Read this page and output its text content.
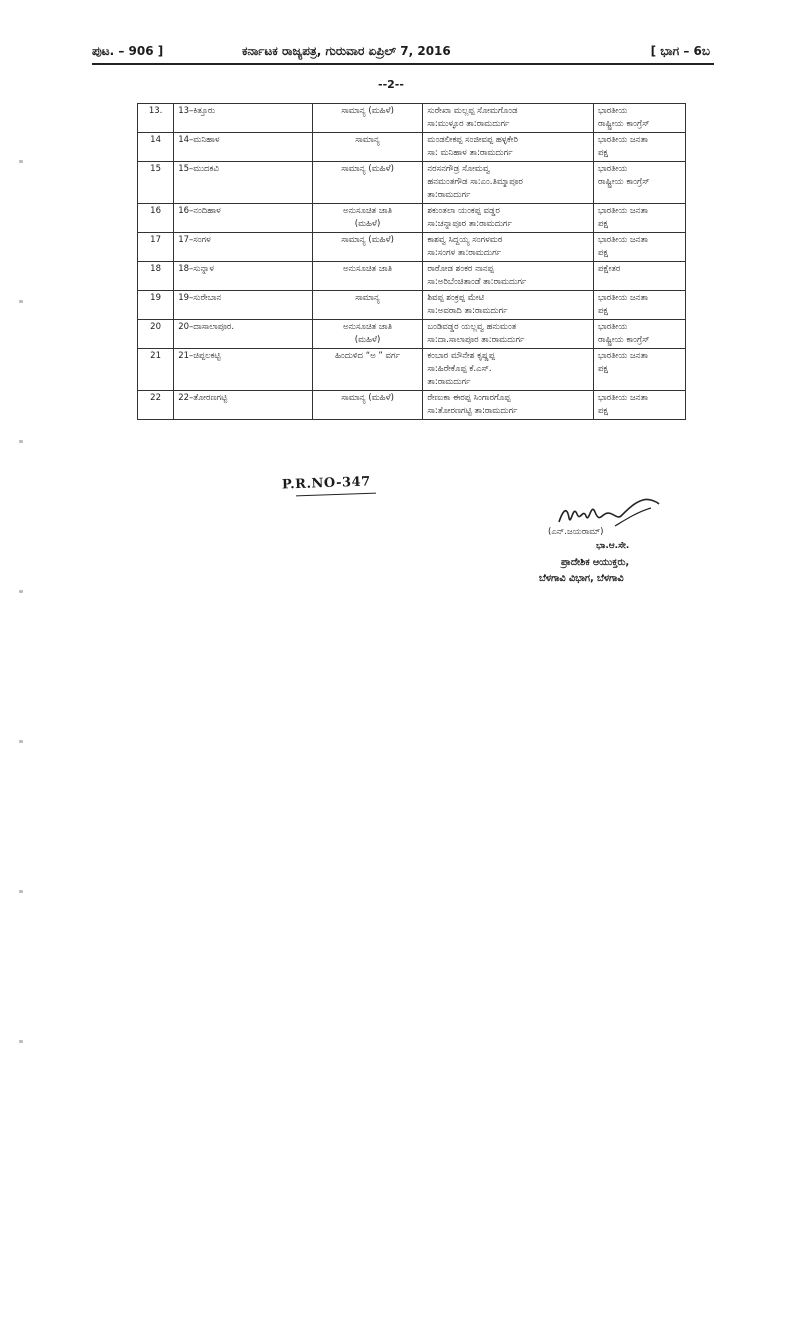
ಪುಟ. – 906 ]	ಕರ್ನಾಟಕ ರಾಜ್ಯಪತ್ರ, ಗುರುವಾರ ಏಪ್ರಿಲ್ 7, 2016	[ ಭಾಗ – 6ಬ
--2--
13.	13–ಕಿತ್ತೂರು	ಸಾಮಾನ್ಯ (ಮಹಿಳೆ)	ಸುರೇಖಾ ಮಲ್ಲಪ್ಪ ಸೋಮಗೊಂಡ
ಸಾ:ಮುಳ್ಳೂರ ತಾ:ರಾಮದುರ್ಗ	ಭಾರತೀಯ
ರಾಷ್ಟ್ರೀಯ ಕಾಂಗ್ರೆಸ್
14	14–ಮನಿಹಾಳ	ಸಾಮಾನ್ಯ	ಮಂಡಲೀಕಪ್ಪ ಸಂಜೀವಪ್ಪ ಹಳ್ಳಕೇರಿ
ಸಾ: ಮನಿಹಾಳ ತಾ:ರಾಮದುರ್ಗ	ಭಾರತೀಯ ಜನತಾ
ಪಕ್ಷ
15	15–ಮುದಕವಿ	ಸಾಮಾನ್ಯ (ಮಹಿಳೆ)	ನರಸನಗೌಡ್ರ ಸೋಮವ್ವ
ಹನಮಂತಗೌಡ ಸಾ:ಎಂ.ತಿಮ್ಮಾಪೂರ
ತಾ:ರಾಮದುರ್ಗ	ಭಾರತೀಯ
ರಾಷ್ಟ್ರೀಯ ಕಾಂಗ್ರೆಸ್
16	16–ನಂದಿಹಾಳ	ಅನುಸೂಚಿತ ಜಾತಿ
(ಮಹಿಳೆ)	ಶಕುಂತಲಾ ಯಂಕಪ್ಪ ವಡ್ಡರ
ಸಾ:ಚನ್ನಾಪೂರ ತಾ:ರಾಮದುರ್ಗ	ಭಾರತೀಯ ಜನತಾ
ಪಕ್ಷ
17	17–ಸಂಗಳ	ಸಾಮಾನ್ಯ (ಮಹಿಳೆ)	ಕಾಶವ್ವ ಸಿದ್ದಯ್ಯ ಸಂಗಳಮಠ
ಸಾ:ಸಂಗಳ ತಾ:ರಾಮದುರ್ಗ	ಭಾರತೀಯ ಜನತಾ
ಪಕ್ಷ
18	18–ಸುನ್ನಾಳ	ಅನುಸೂಚಿತ ಜಾತಿ	ರಾಠೋಡ ಶಂಕರ ನಾನಪ್ಪ
ಸಾ:ಅರಿಬೆಂಚಿತಾಂಡೆ ತಾ:ರಾಮದುರ್ಗ	ಪಕ್ಷೇತರ
19	19–ಸುರೇಬಾನ	ಸಾಮಾನ್ಯ	ಶಿವಪ್ಪ ಶಂಕ್ರಪ್ಪ ಮೇಟಿ
ಸಾ:ಅವರಾದಿ ತಾ:ರಾಮದುರ್ಗ	ಭಾರತೀಯ ಜನತಾ
ಪಕ್ಷ
20	20–ದಾಸಾಲಾಪೂರ.	ಅನುಸೂಚಿತ ಜಾತಿ
(ಮಹಿಳೆ)	ಬಂಡಿವಡ್ಡರ ಯಲ್ಲವ್ವ ಹನುಮಂತ
ಸಾ:ದಾ.ಸಾಲಾಪೂರ ತಾ:ರಾಮದುರ್ಗ	ಭಾರತೀಯ
ರಾಷ್ಟ್ರೀಯ ಕಾಂಗ್ರೆಸ್
21	21–ಚಿಪ್ಪಲಕಟ್ಟಿ	ಹಿಂದುಳಿದ “ಅ ” ವರ್ಗ	ಕಂಬಾರ ಮೌನೇಶ ಕೃಷ್ಣಪ್ಪ
ಸಾ:ಹಿರೇಕೊಪ್ಪ ಕೆ.ಎಸ್.
ತಾ:ರಾಮದುರ್ಗ	ಭಾರತೀಯ ಜನತಾ
ಪಕ್ಷ
22	22–ತೋರಣಗಟ್ಟಿ	ಸಾಮಾನ್ಯ (ಮಹಿಳೆ)	ರೇಣುಕಾ ಈರಪ್ಪ ಸಿಂಗಾರಗೊಪ್ಪ
ಸಾ:ತೋರಣಗಟ್ಟಿ ತಾ:ರಾಮದುರ್ಗ	ಭಾರತೀಯ ಜನತಾ
ಪಕ್ಷ
P.R.NO-347
(ಎನ್.ಜಯರಾಮ್)
ಭಾ.ಆ.ಸೇ.
ಪ್ರಾದೇಶಿಕ ಆಯುಕ್ತರು,
ಬೆಳಗಾವಿ ವಿಭಾಗ, ಬೆಳಗಾವಿ
